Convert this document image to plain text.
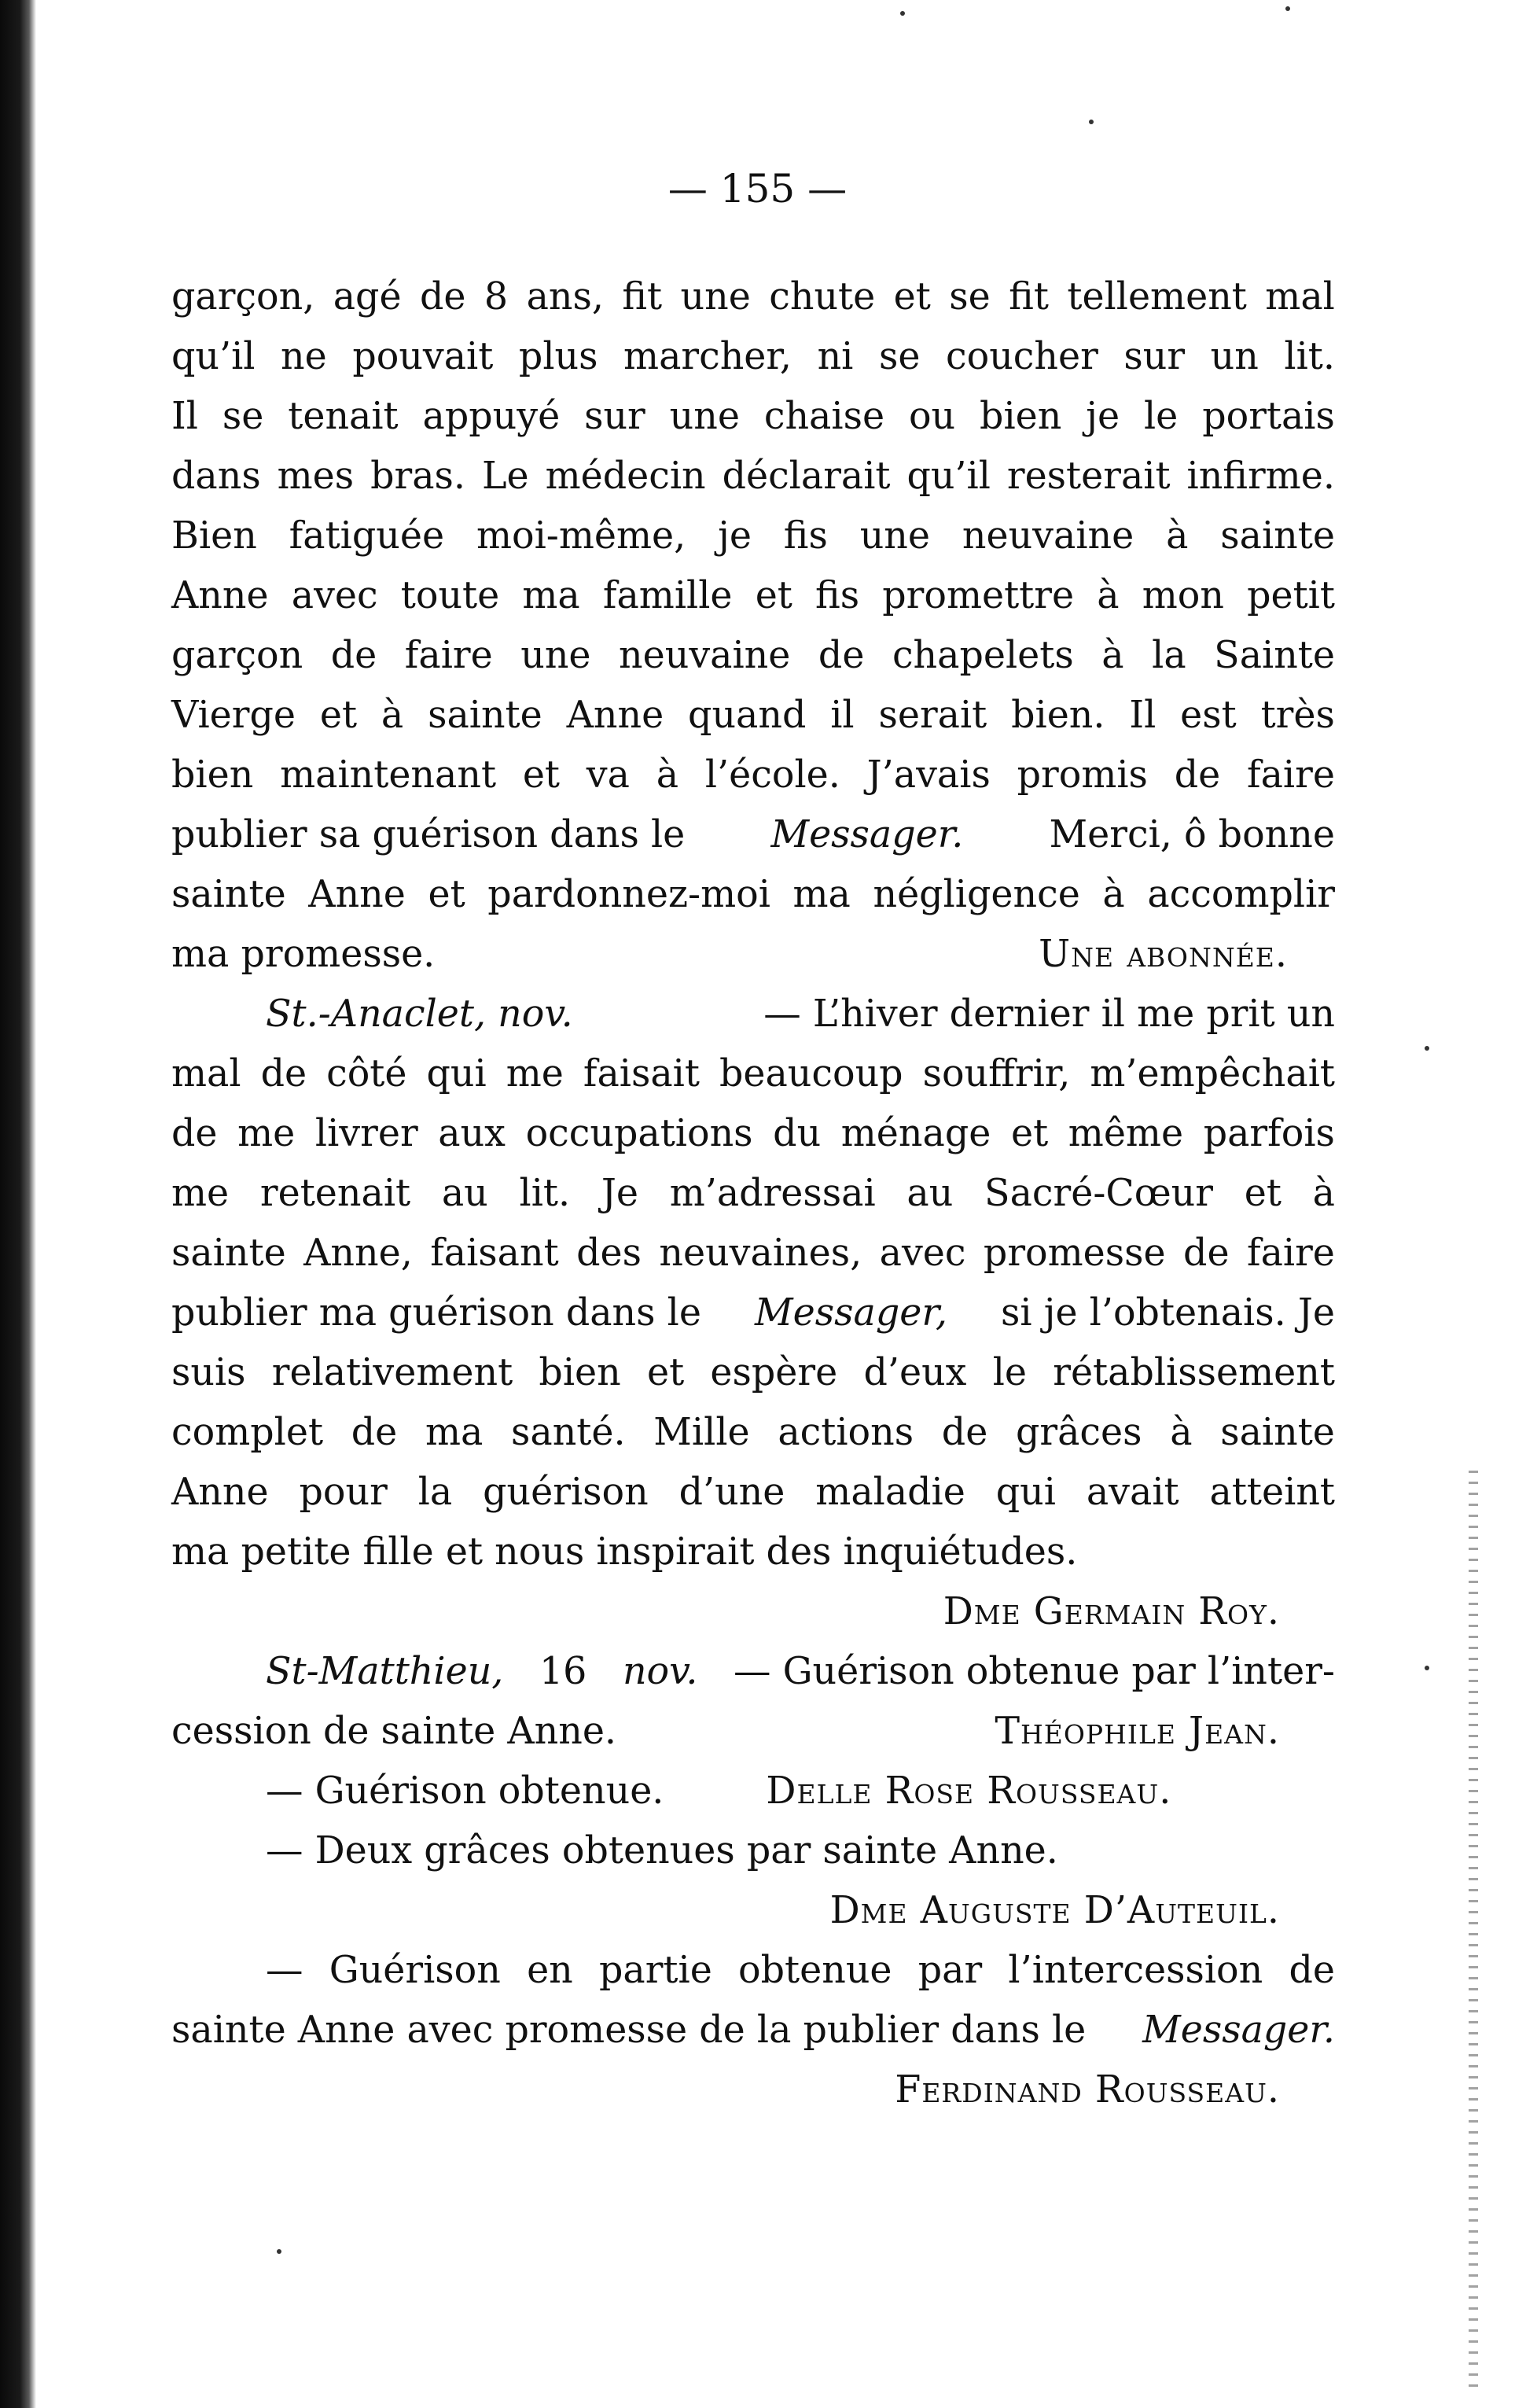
— 155 —
garçon, agé de 8 ans, fit une chute et se fit tellement mal
qu’il ne pouvait plus marcher, ni se coucher sur un lit.
Il se tenait appuyé sur une chaise ou bien je le portais
dans mes bras. Le médecin déclarait qu’il resterait infirme.
Bien fatiguée moi-même, je fis une neuvaine à sainte
Anne avec toute ma famille et fis promettre à mon petit
garçon de faire une neuvaine de chapelets à la Sainte
Vierge et à sainte Anne quand il serait bien. Il est très
bien maintenant et va à l’école. J’avais promis de faire
publier sa guérison dans le Messager. Merci, ô bonne
sainte Anne et pardonnez-moi ma négligence à accomplir
ma promesse.	Une abonnée.
St.-Anaclet, nov.	— L’hiver dernier il me prit un
mal de côté qui me faisait beaucoup souffrir, m’empêchait
de me livrer aux occupations du ménage et même parfois
me retenait au lit. Je m’adressai au Sacré-Cœur et à
sainte Anne, faisant des neuvaines, avec promesse de faire
publier ma guérison dans le Messager, si je l’obtenais. Je
suis relativement bien et espère d’eux le rétablissement
complet de ma santé. Mille actions de grâces à sainte
Anne pour la guérison d’une maladie qui avait atteint
ma petite fille et nous inspirait des inquiétudes.
Dme Germain Roy.
St-Matthieu, 16 nov. — Guérison obtenue par l’inter-
cession de sainte Anne.	Théophile Jean.
— Guérison obtenue.	Delle Rose Rousseau.
— Deux grâces obtenues par sainte Anne.
Dme Auguste D’Auteuil.
— Guérison en partie obtenue par l’intercession de
sainte Anne avec promesse de la publier dans le Messager.
Ferdinand Rousseau.
